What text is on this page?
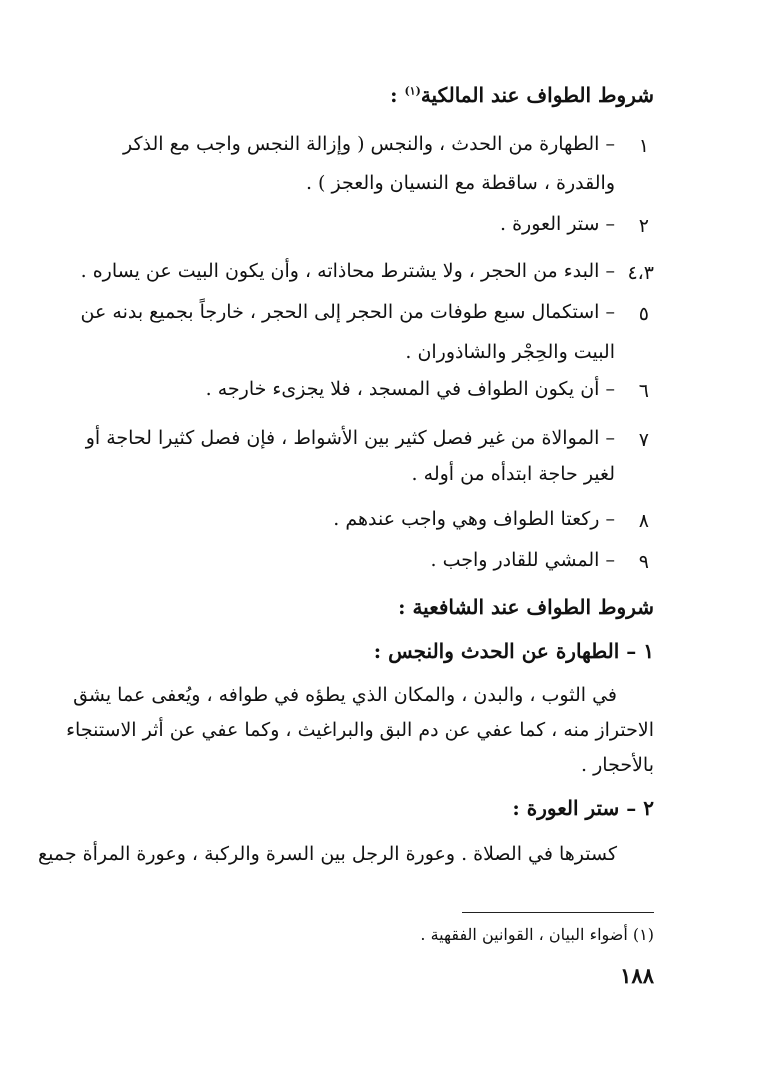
شروط الطواف عند المالكية$^{(١)}$ :
١
– الطهارة من الحدث ، والنجس ( وإزالة النجس واجب مع الذكر
والقدرة ، ساقطة مع النسيان والعجز ) .
٢
– ستر العورة .
٤،٣
– البدء من الحجر ، ولا يشترط محاذاته ، وأن يكون البيت عن يساره .
٥
– استكمال سبع طوفات من الحجر إلى الحجر ، خارجاً بجميع بدنه عن
البيت والحِجْر والشاذوران .
٦
– أن يكون الطواف في المسجد ، فلا يجزىء خارجه .
٧
– الموالاة من غير فصل كثير بين الأشواط ، فإن فصل كثيرا لحاجة أو
لغير حاجة ابتدأه من أوله .
٨
– ركعتا الطواف وهي واجب عندهم .
٩
– المشي للقادر واجب .
شروط الطواف عند الشافعية :
١ – الطهارة عن الحدث والنجس :
في الثوب ، والبدن ، والمكان الذي يطؤه في طوافه ، ويُعفى عما يشق
الاحتراز منه ، كما عفي عن دم البق والبراغيث ، وكما عفي عن أثر الاستنجاء
بالأحجار .
٢ – ستر العورة :
كسترها في الصلاة . وعورة الرجل بين السرة والركبة ، وعورة المرأة جميع
(١) أضواء البيان ، القوانين الفقهية .
١٨٨
